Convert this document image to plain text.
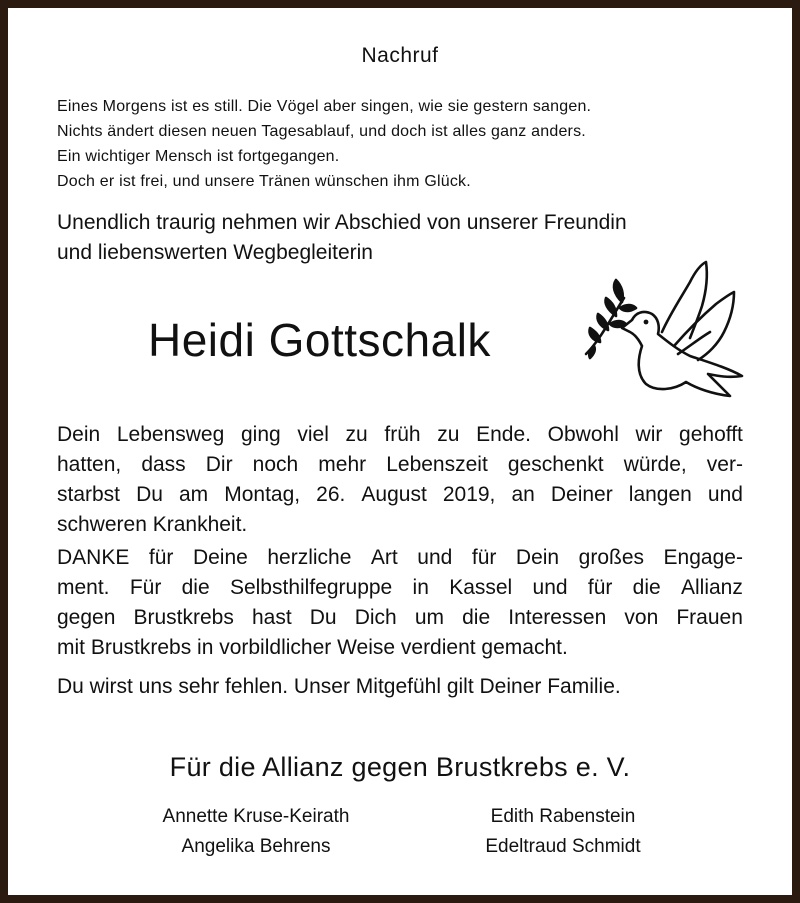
Nachruf
Eines Morgens ist es still. Die Vögel aber singen, wie sie gestern sangen.
Nichts ändert diesen neuen Tagesablauf, und doch ist alles ganz anders.
Ein wichtiger Mensch ist fortgegangen.
Doch er ist frei, und unsere Tränen wünschen ihm Glück.
Unendlich traurig nehmen wir Abschied von unserer Freundin
und liebenswerten Wegbegleiterin
Heidi Gottschalk
Dein Lebensweg ging viel zu früh zu Ende. Obwohl wir gehofft
hatten, dass Dir noch mehr Lebenszeit geschenkt würde, ver-
starbst Du am Montag, 26. August 2019, an Deiner langen und
schweren Krankheit.
DANKE für Deine herzliche Art und für Dein großes Engage-
ment. Für die Selbsthilfegruppe in Kassel und für die Allianz
gegen Brustkrebs hast Du Dich um die Interessen von Frauen
mit Brustkrebs in vorbildlicher Weise verdient gemacht.
Du wirst uns sehr fehlen. Unser Mitgefühl gilt Deiner Familie.
Für die Allianz gegen Brustkrebs e. V.
Annette Kruse-Keirath
Angelika Behrens
Edith Rabenstein
Edeltraud Schmidt
